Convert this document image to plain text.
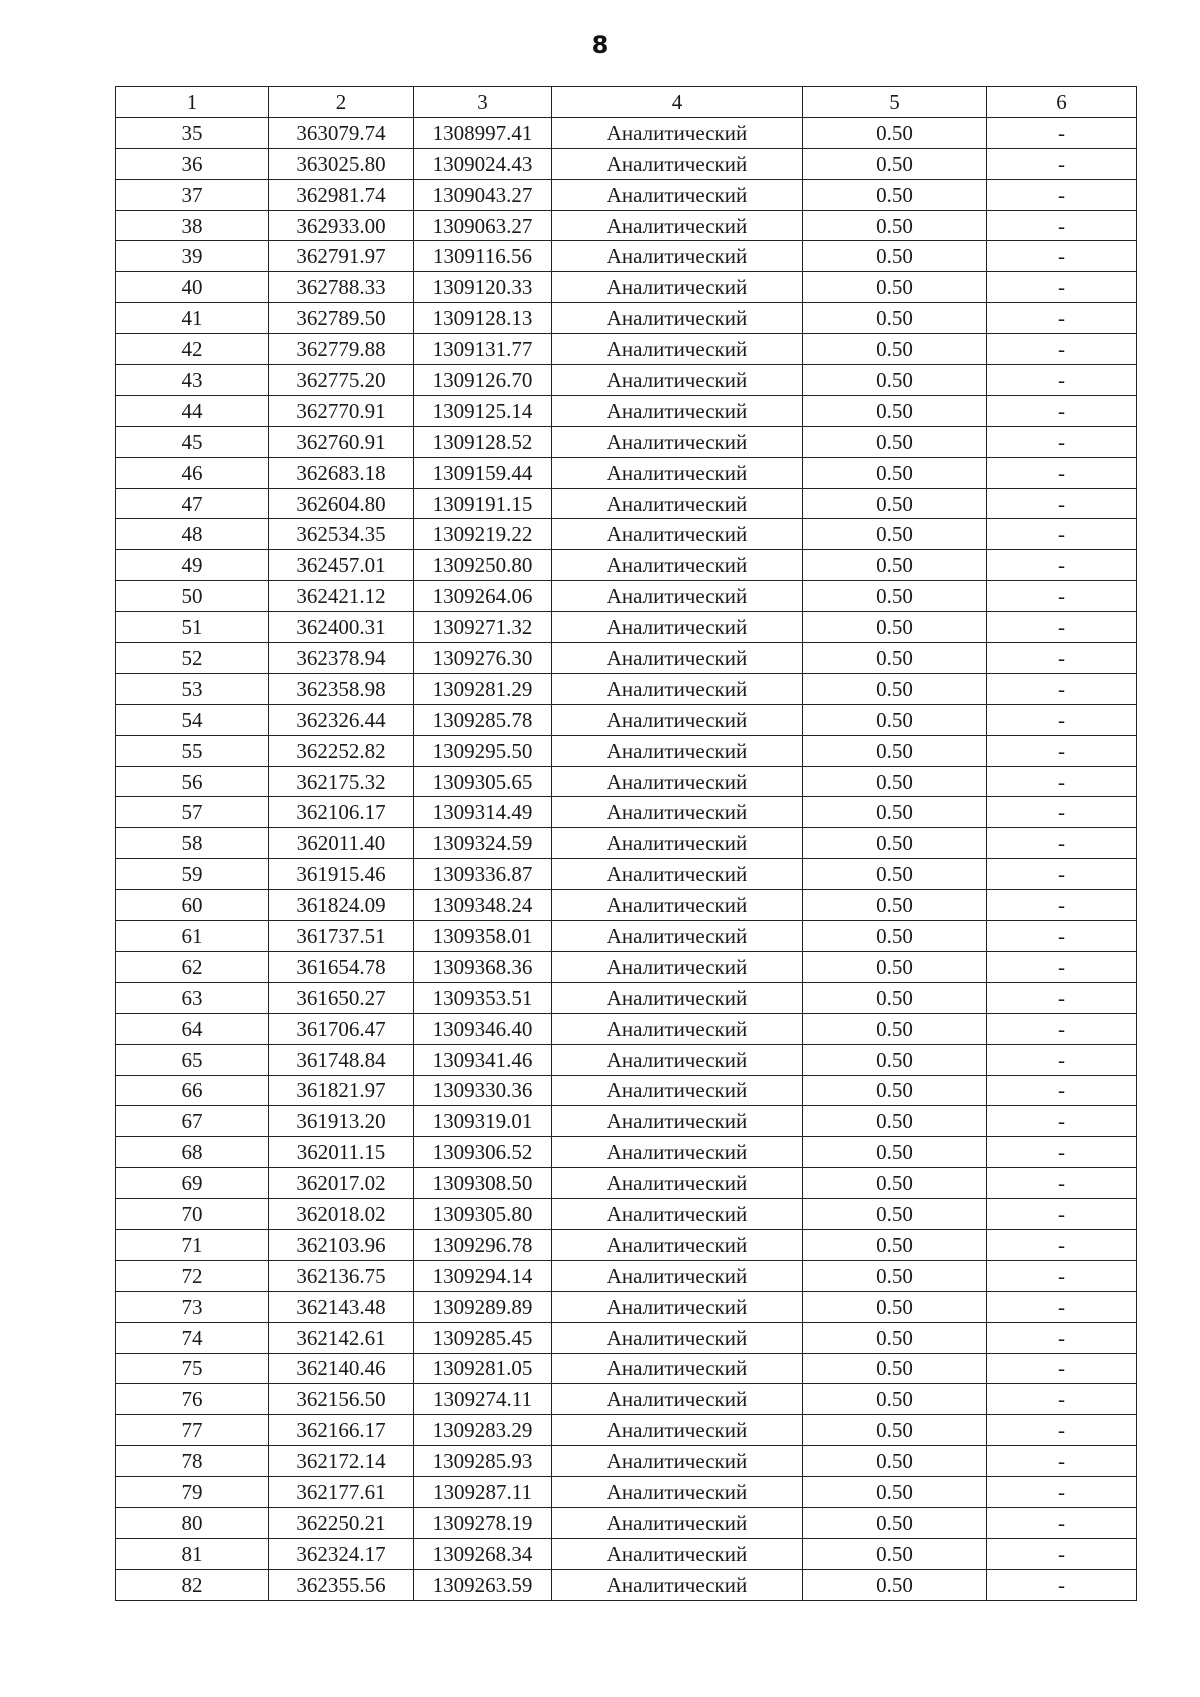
8
1	2	3	4	5	6
35	363079.74	1308997.41	Аналитический	0.50	-
36	363025.80	1309024.43	Аналитический	0.50	-
37	362981.74	1309043.27	Аналитический	0.50	-
38	362933.00	1309063.27	Аналитический	0.50	-
39	362791.97	1309116.56	Аналитический	0.50	-
40	362788.33	1309120.33	Аналитический	0.50	-
41	362789.50	1309128.13	Аналитический	0.50	-
42	362779.88	1309131.77	Аналитический	0.50	-
43	362775.20	1309126.70	Аналитический	0.50	-
44	362770.91	1309125.14	Аналитический	0.50	-
45	362760.91	1309128.52	Аналитический	0.50	-
46	362683.18	1309159.44	Аналитический	0.50	-
47	362604.80	1309191.15	Аналитический	0.50	-
48	362534.35	1309219.22	Аналитический	0.50	-
49	362457.01	1309250.80	Аналитический	0.50	-
50	362421.12	1309264.06	Аналитический	0.50	-
51	362400.31	1309271.32	Аналитический	0.50	-
52	362378.94	1309276.30	Аналитический	0.50	-
53	362358.98	1309281.29	Аналитический	0.50	-
54	362326.44	1309285.78	Аналитический	0.50	-
55	362252.82	1309295.50	Аналитический	0.50	-
56	362175.32	1309305.65	Аналитический	0.50	-
57	362106.17	1309314.49	Аналитический	0.50	-
58	362011.40	1309324.59	Аналитический	0.50	-
59	361915.46	1309336.87	Аналитический	0.50	-
60	361824.09	1309348.24	Аналитический	0.50	-
61	361737.51	1309358.01	Аналитический	0.50	-
62	361654.78	1309368.36	Аналитический	0.50	-
63	361650.27	1309353.51	Аналитический	0.50	-
64	361706.47	1309346.40	Аналитический	0.50	-
65	361748.84	1309341.46	Аналитический	0.50	-
66	361821.97	1309330.36	Аналитический	0.50	-
67	361913.20	1309319.01	Аналитический	0.50	-
68	362011.15	1309306.52	Аналитический	0.50	-
69	362017.02	1309308.50	Аналитический	0.50	-
70	362018.02	1309305.80	Аналитический	0.50	-
71	362103.96	1309296.78	Аналитический	0.50	-
72	362136.75	1309294.14	Аналитический	0.50	-
73	362143.48	1309289.89	Аналитический	0.50	-
74	362142.61	1309285.45	Аналитический	0.50	-
75	362140.46	1309281.05	Аналитический	0.50	-
76	362156.50	1309274.11	Аналитический	0.50	-
77	362166.17	1309283.29	Аналитический	0.50	-
78	362172.14	1309285.93	Аналитический	0.50	-
79	362177.61	1309287.11	Аналитический	0.50	-
80	362250.21	1309278.19	Аналитический	0.50	-
81	362324.17	1309268.34	Аналитический	0.50	-
82	362355.56	1309263.59	Аналитический	0.50	-
